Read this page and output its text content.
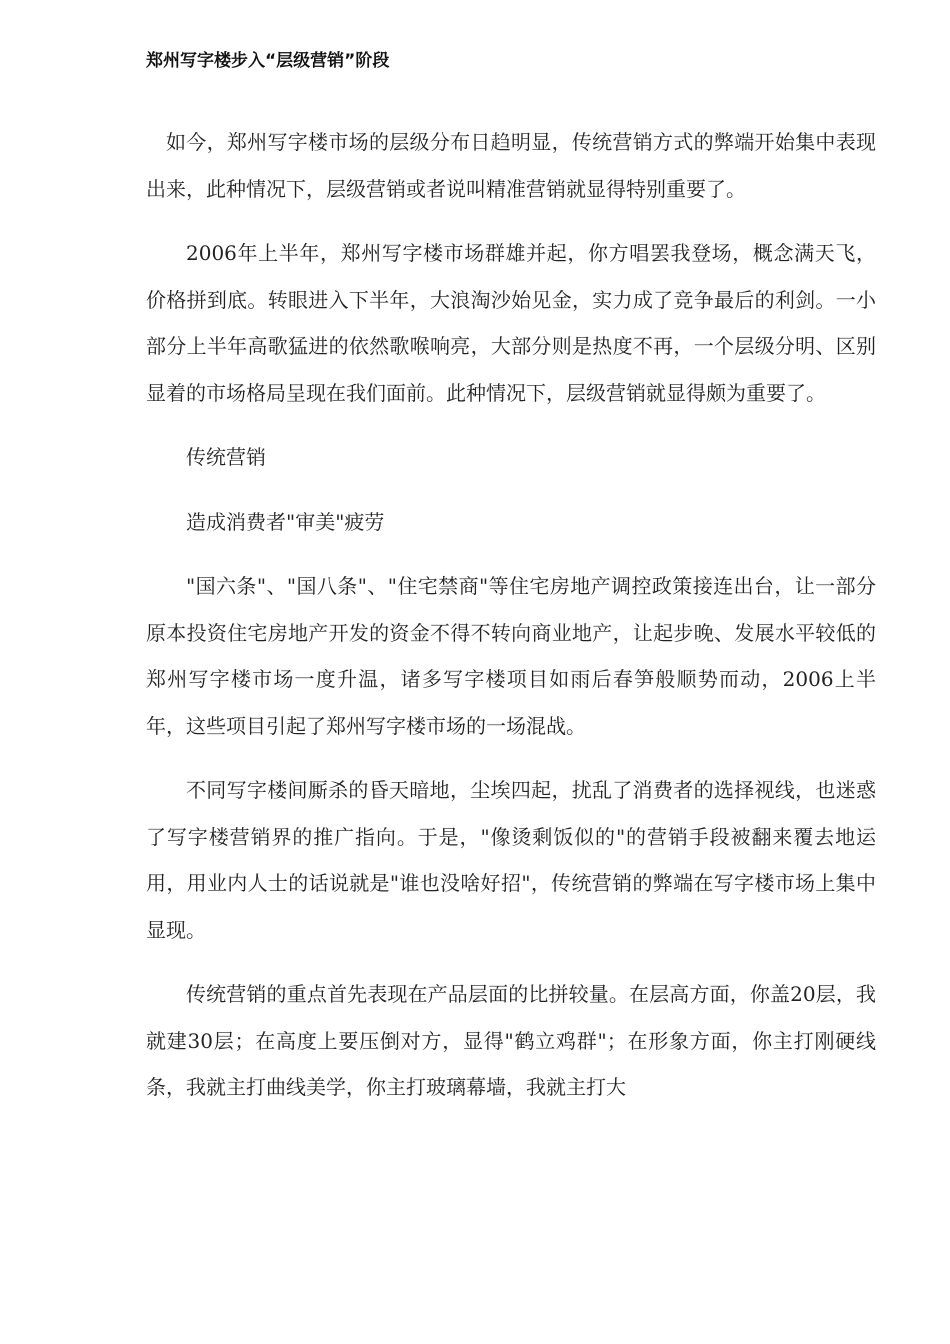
郑州写字楼步入“层级营销”阶段

如今，郑州写字楼市场的层级分布日趋明显，传统营销方式的弊端开始集中表现出来，此种情况下，层级营销或者说叫精准营销就显得特别重要了。

2006年上半年，郑州写字楼市场群雄并起，你方唱罢我登场，概念满天飞，价格拼到底。转眼进入下半年，大浪淘沙始见金，实力成了竞争最后的利剑。一小部分上半年高歌猛进的依然歌喉响亮，大部分则是热度不再，一个层级分明、区别显着的市场格局呈现在我们面前。此种情况下，层级营销就显得颇为重要了。

传统营销

造成消费者"审美"疲劳

"国六条"、"国八条"、"住宅禁商"等住宅房地产调控政策接连出台，让一部分原本投资住宅房地产开发的资金不得不转向商业地产，让起步晚、发展水平较低的郑州写字楼市场一度升温，诸多写字楼项目如雨后春笋般顺势而动，2006上半年，这些项目引起了郑州写字楼市场的一场混战。

不同写字楼间厮杀的昏天暗地，尘埃四起，扰乱了消费者的选择视线，也迷惑了写字楼营销界的推广指向。于是，"像烫剩饭似的"的营销手段被翻来覆去地运用，用业内人士的话说就是"谁也没啥好招"，传统营销的弊端在写字楼市场上集中显现。

传统营销的重点首先表现在产品层面的比拼较量。在层高方面，你盖20层，我就建30层；在高度上要压倒对方，显得"鹤立鸡群"；在形象方面，你主打刚硬线条，我就主打曲线美学，你主打玻璃幕墙，我就主打大
